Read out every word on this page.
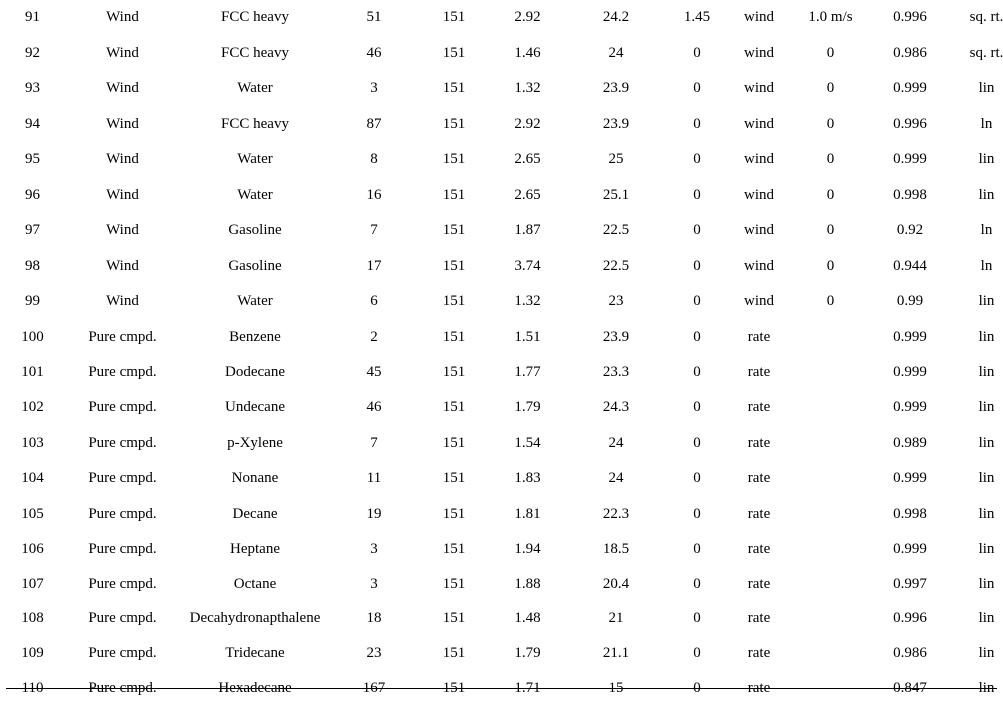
91	Wind	FCC heavy	51	151	2.92	24.2	1.45	wind	1.0 m/s	0.996	sq. rt.
92	Wind	FCC heavy	46	151	1.46	24	0	wind	0	0.986	sq. rt.
93	Wind	Water	3	151	1.32	23.9	0	wind	0	0.999	lin
94	Wind	FCC heavy	87	151	2.92	23.9	0	wind	0	0.996	ln
95	Wind	Water	8	151	2.65	25	0	wind	0	0.999	lin
96	Wind	Water	16	151	2.65	25.1	0	wind	0	0.998	lin
97	Wind	Gasoline	7	151	1.87	22.5	0	wind	0	0.92	ln
98	Wind	Gasoline	17	151	3.74	22.5	0	wind	0	0.944	ln
99	Wind	Water	6	151	1.32	23	0	wind	0	0.99	lin
100	Pure cmpd.	Benzene	2	151	1.51	23.9	0	rate		0.999	lin
101	Pure cmpd.	Dodecane	45	151	1.77	23.3	0	rate		0.999	lin
102	Pure cmpd.	Undecane	46	151	1.79	24.3	0	rate		0.999	lin
103	Pure cmpd.	p-Xylene	7	151	1.54	24	0	rate		0.989	lin
104	Pure cmpd.	Nonane	11	151	1.83	24	0	rate		0.999	lin
105	Pure cmpd.	Decane	19	151	1.81	22.3	0	rate		0.998	lin
106	Pure cmpd.	Heptane	3	151	1.94	18.5	0	rate		0.999	lin
107	Pure cmpd.	Octane	3	151	1.88	20.4	0	rate		0.997	lin
108	Pure cmpd.	Decahydronapthalene	18	151	1.48	21	0	rate		0.996	lin
109	Pure cmpd.	Tridecane	23	151	1.79	21.1	0	rate		0.986	lin
110	Pure cmpd.	Hexadecane	167	151	1.71	15	0	rate		0.847	lin
